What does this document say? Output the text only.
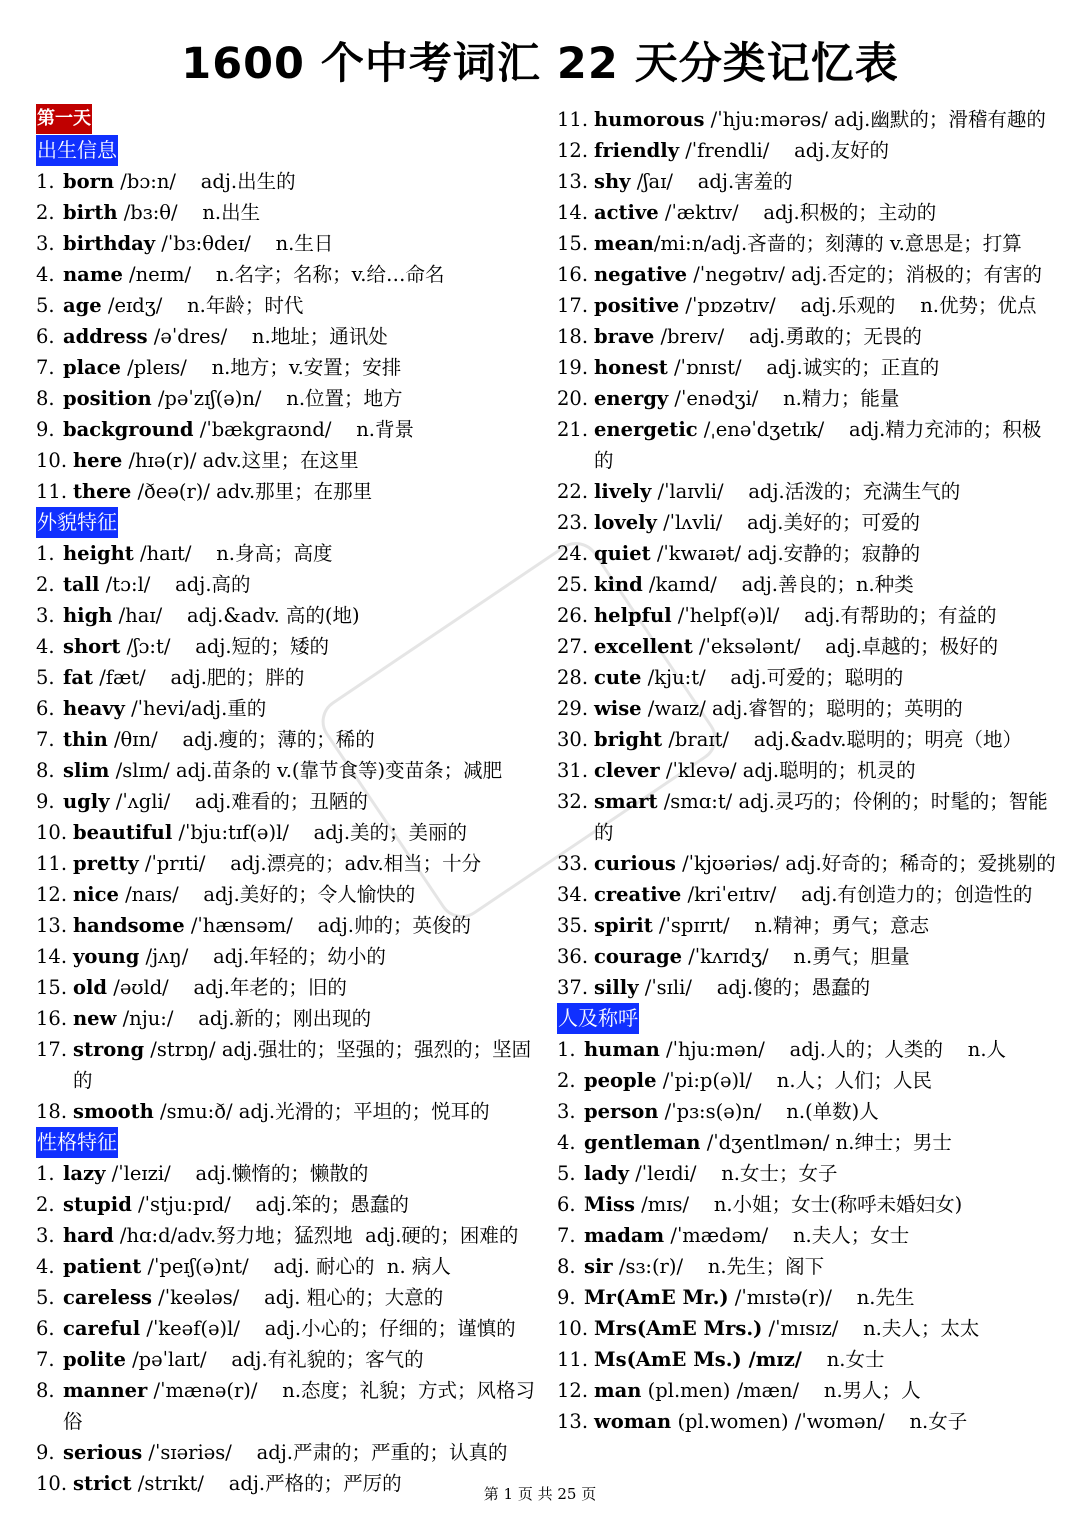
1600 个中考词汇 22 天分类记忆表
第一天
出生信息
1. born /bɔ:n/    adj.出生的
2. birth /bɜ:θ/    n.出生
3. birthday /ˈbɜ:θdeɪ/    n.生日
4. name /neɪm/    n.名字；名称；v.给…命名
5. age /eɪdʒ/    n.年龄；时代
6. address /əˈdres/    n.地址；通讯处
7. place /pleɪs/    n.地方；v.安置；安排
8. position /pəˈzɪʃ(ə)n/    n.位置；地方
9. background /ˈbækgraʊnd/    n.背景
10. here /hɪə(r)/ adv.这里；在这里
11. there /ðeə(r)/ adv.那里；在那里
外貌特征
1. height /haɪt/    n.身高；高度
2. tall /tɔ:l/    adj.高的
3. high /haɪ/    adj.&adv. 高的(地)
4. short /ʃɔ:t/    adj.短的；矮的
5. fat /fæt/    adj.肥的；胖的
6. heavy /ˈhevi/adj.重的
7. thin /θɪn/    adj.瘦的；薄的；稀的
8. slim /slɪm/ adj.苗条的 v.(靠节食等)变苗条；减肥
9. ugly /ˈʌgli/    adj.难看的；丑陋的
10. beautiful /ˈbju:tɪf(ə)l/    adj.美的；美丽的
11. pretty /ˈprɪti/    adj.漂亮的；adv.相当；十分
12. nice /naɪs/    adj.美好的；令人愉快的
13. handsome /ˈhænsəm/    adj.帅的；英俊的
14. young /jʌŋ/    adj.年轻的；幼小的
15. old /əʊld/    adj.年老的；旧的
16. new /nju:/    adj.新的；刚出现的
17. strong /strɒŋ/ adj.强壮的；坚强的；强烈的；坚固的
18. smooth /smu:ð/ adj.光滑的；平坦的；悦耳的
性格特征
1. lazy /ˈleɪzi/    adj.懒惰的；懒散的
2. stupid /ˈstju:pɪd/    adj.笨的；愚蠢的
3. hard /hɑ:d/adv.努力地；猛烈地  adj.硬的；困难的
4. patient /ˈpeɪʃ(ə)nt/    adj. 耐心的  n. 病人
5. careless /ˈkeələs/    adj. 粗心的；大意的
6. careful /ˈkeəf(ə)l/    adj.小心的；仔细的；谨慎的
7. polite /pəˈlaɪt/    adj.有礼貌的；客气的
8. manner /ˈmænə(r)/    n.态度；礼貌；方式；风格习俗
9. serious /ˈsɪəriəs/    adj.严肃的；严重的；认真的
10. strict /strɪkt/    adj.严格的；严厉的
11. humorous /ˈhju:mərəs/ adj.幽默的；滑稽有趣的
12. friendly /ˈfrendli/    adj.友好的
13. shy /ʃaɪ/    adj.害羞的
14. active /ˈæktɪv/    adj.积极的；主动的
15. mean/mi:n/adj.吝啬的；刻薄的 v.意思是；打算
16. negative /ˈnegətɪv/ adj.否定的；消极的；有害的
17. positive /ˈpɒzətɪv/    adj.乐观的    n.优势；优点
18. brave /breɪv/    adj.勇敢的；无畏的
19. honest /ˈɒnɪst/    adj.诚实的；正直的
20. energy /ˈenədʒi/    n.精力；能量
21. energetic /ˌenəˈdʒetɪk/    adj.精力充沛的；积极的
22. lively /ˈlaɪvli/    adj.活泼的；充满生气的
23. lovely /ˈlʌvli/    adj.美好的；可爱的
24. quiet /ˈkwaɪət/ adj.安静的；寂静的
25. kind /kaɪnd/    adj.善良的；n.种类
26. helpful /ˈhelpf(ə)l/    adj.有帮助的；有益的
27. excellent /ˈeksələnt/    adj.卓越的；极好的
28. cute /kju:t/    adj.可爱的；聪明的
29. wise /waɪz/ adj.睿智的；聪明的；英明的
30. bright /braɪt/    adj.&adv.聪明的；明亮（地）
31. clever /ˈklevə/ adj.聪明的；机灵的
32. smart /smɑ:t/ adj.灵巧的；伶俐的；时髦的；智能的
33. curious /ˈkjʊəriəs/ adj.好奇的；稀奇的；爱挑剔的
34. creative /kriˈeɪtɪv/    adj.有创造力的；创造性的
35. spirit /ˈspɪrɪt/    n.精神；勇气；意志
36. courage /ˈkʌrɪdʒ/    n.勇气；胆量
37. silly /ˈsɪli/    adj.傻的；愚蠢的
人及称呼
1. human /ˈhju:mən/    adj.人的；人类的    n.人
2. people /ˈpi:p(ə)l/    n.人；人们；人民
3. person /ˈpɜ:s(ə)n/    n.(单数)人
4. gentleman /ˈdʒentlmən/ n.绅士；男士
5. lady /ˈleɪdi/    n.女士；女子
6. Miss /mɪs/    n.小姐；女士(称呼未婚妇女)
7. madam /ˈmædəm/    n.夫人；女士
8. sir /sɜ:(r)/    n.先生；阁下
9. Mr(AmE Mr.) /ˈmɪstə(r)/    n.先生
10. Mrs(AmE Mrs.) /ˈmɪsɪz/    n.夫人；太太
11. Ms(AmE Ms.) /mɪz/    n.女士
12. man (pl.men) /mæn/    n.男人；人
13. woman (pl.women) /ˈwʊmən/    n.女子
第 1 页 共 25 页
